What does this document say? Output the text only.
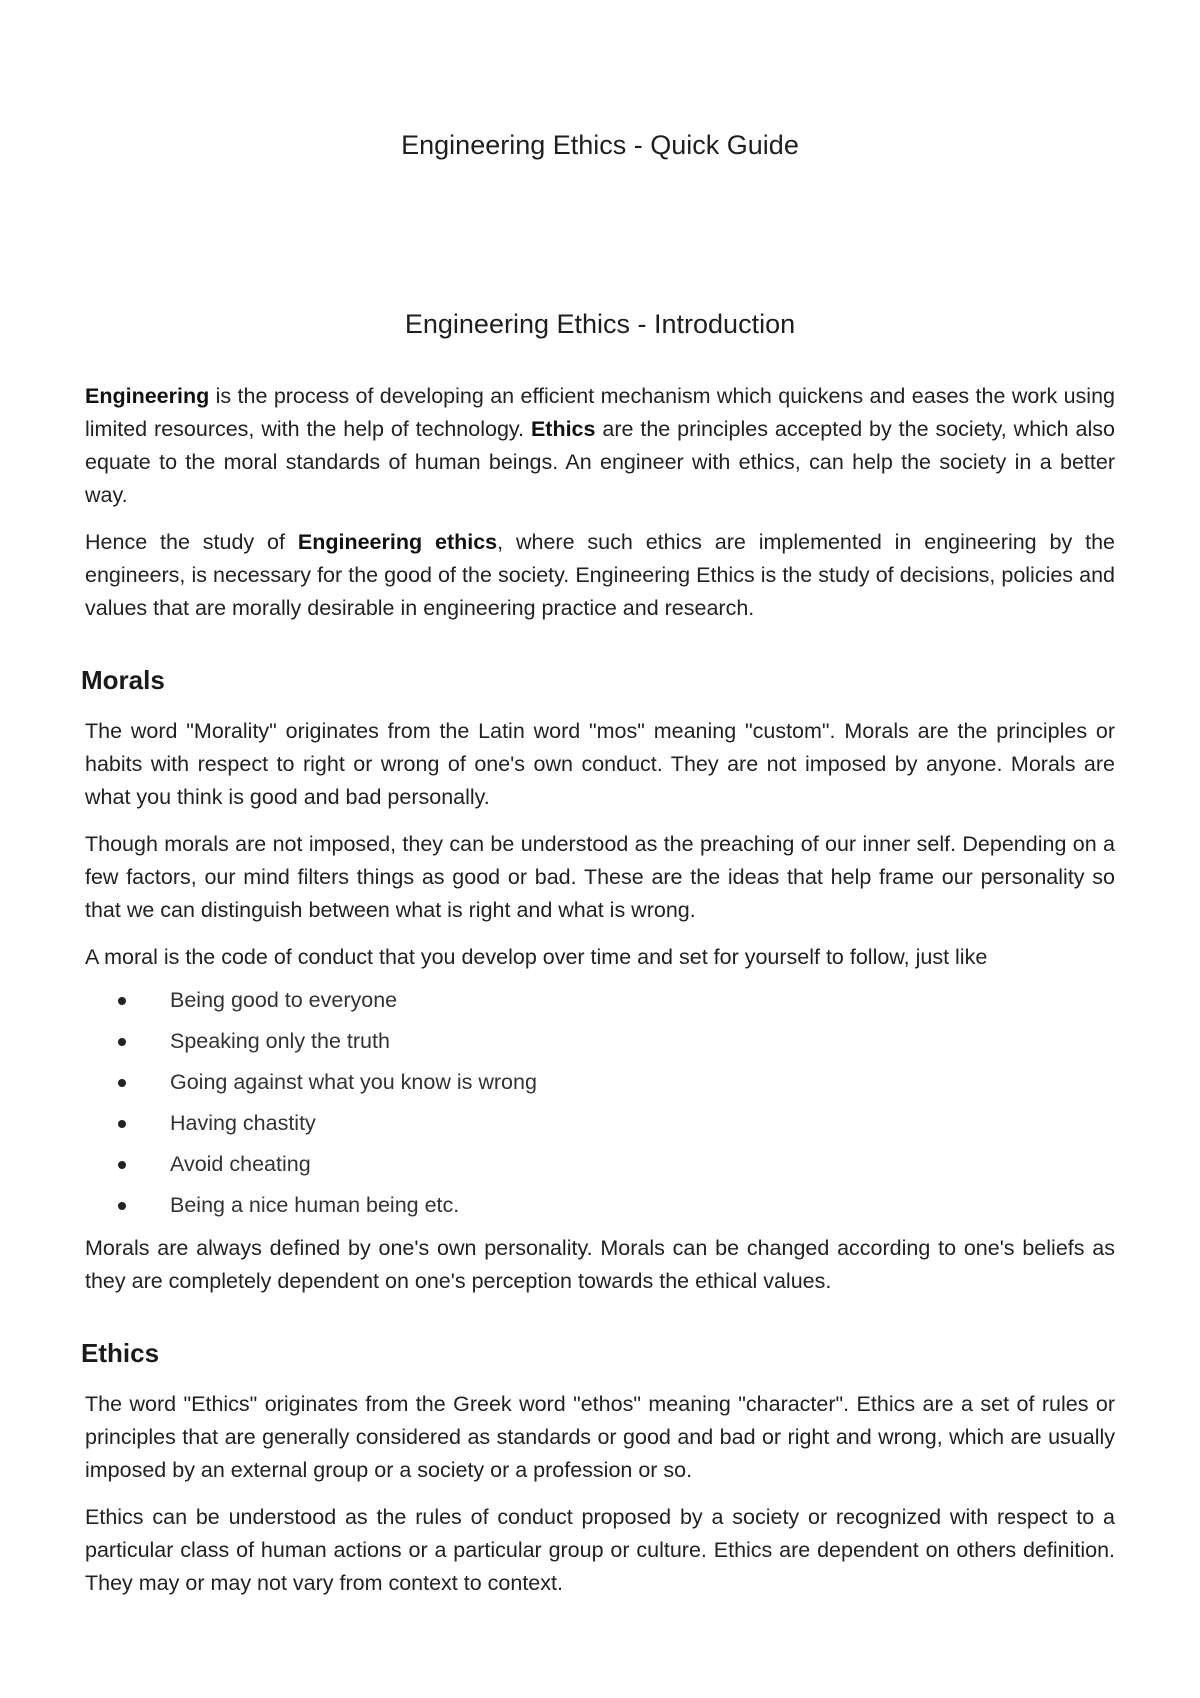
Engineering Ethics - Quick Guide
Engineering Ethics - Introduction

Engineering is the process of developing an efficient mechanism which quickens and eases the work using limited resources, with the help of technology. Ethics are the principles accepted by the society, which also equate to the moral standards of human beings. An engineer with ethics, can help the society in a better way.

Hence the study of Engineering ethics, where such ethics are implemented in engineering by the engineers, is necessary for the good of the society. Engineering Ethics is the study of decisions, policies and values that are morally desirable in engineering practice and research.

Morals

The word "Morality" originates from the Latin word "mos" meaning "custom". Morals are the principles or habits with respect to right or wrong of one's own conduct. They are not imposed by anyone. Morals are what you think is good and bad personally.

Though morals are not imposed, they can be understood as the preaching of our inner self. Depending on a few factors, our mind filters things as good or bad. These are the ideas that help frame our personality so that we can distinguish between what is right and what is wrong.

A moral is the code of conduct that you develop over time and set for yourself to follow, just like

Being good to everyone
Speaking only the truth
Going against what you know is wrong
Having chastity
Avoid cheating
Being a nice human being etc.

Morals are always defined by one's own personality. Morals can be changed according to one's beliefs as they are completely dependent on one's perception towards the ethical values.

Ethics

The word "Ethics" originates from the Greek word "ethos" meaning "character". Ethics are a set of rules or principles that are generally considered as standards or good and bad or right and wrong, which are usually imposed by an external group or a society or a profession or so.

Ethics can be understood as the rules of conduct proposed by a society or recognized with respect to a particular class of human actions or a particular group or culture. Ethics are dependent on others definition. They may or may not vary from context to context.
